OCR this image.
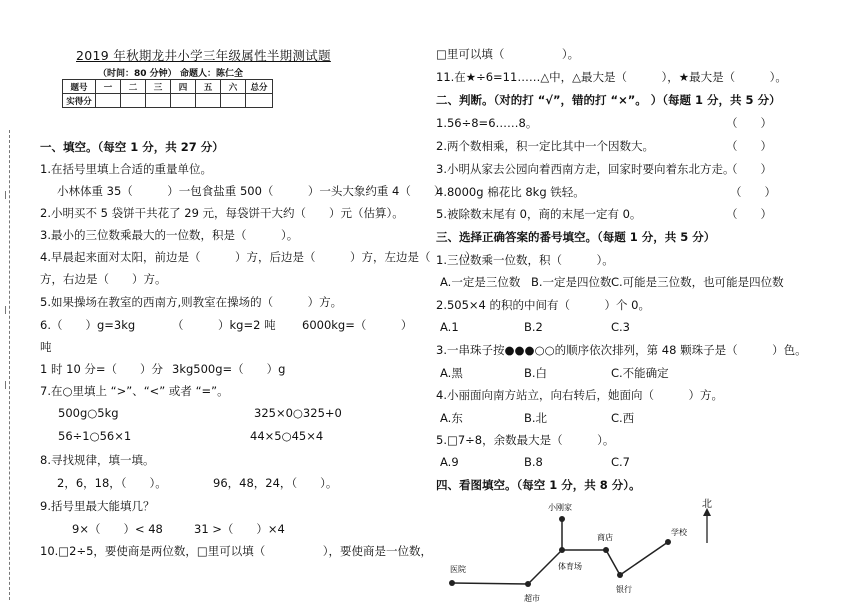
|
|
|
2019 年秋期龙井小学三年级属性半期测试题
（时间：80 分钟） 命题人：陈仁全
题号	一	二	三	四	五	六	总分
实得分							
一、填空。（每空 1 分，共 27 分）
1.在括号里填上合适的重量单位。
小林体重 35（　　　）一包食盐重 500（　　　）一头大象约重 4（　　）
2.小明买不 5 袋饼干共花了 29 元，每袋饼干大约（　　）元（估算）。
3.最小的三位数乘最大的一位数，积是（　　　）。
4.早晨起来面对太阳，前边是（　　　）方，后边是（　　　）方，左边是（　　　）
方，右边是（　　）方。
5.如果操场在教室的西南方,则教室在操场的（　　　）方。
6.（　　）g=3kg	（　　　）kg=2 吨 6000kg=（　　　）
吨
1 时 10 分=（　　）分 3kg500g=（　　）g
7.在○里填上 “>”、“<” 或者 “=”。
500g○5kg	325×0○325+0
56÷1○56×1	44×5○45×4
8.寻找规律，填一填。
2，6，18，（　　）。	96，48，24，（　　）。
9.括号里最大能填几？
9×（　　）< 48	31 >（　　）×4
10.□2÷5，要使商是两位数，□里可以填（　　　　　），要使商是一位数，
□里可以填（　　　　　）。
11.在★÷6=11……△中，△最大是（　　　），★最大是（　　　）。
二、判断。（对的打 “√”，错的打 “×”。 ）（每题 1 分，共 5 分）
1.56÷8=6……8。	（　　）
2.两个数相乘，积一定比其中一个因数大。	（　　）
3.小明从家去公园向着西南方走，回家时要向着东北方走。
（　　）
4.8000g 棉花比 8kg 铁轻。	（　　）
5.被除数末尾有 0，商的末尾一定有 0。	（　　）
三、选择正确答案的番号填空。（每题 1 分，共 5 分）
1.三位数乘一位数，积（　　　）。
A.一定是三位数 B.一定是四位数 C.可能是三位数，也可能是四位数
2.505×4 的积的中间有（　　　）个 0。
A.1	B.2	C.3
3.一串珠子按●●●○○的顺序依次排列，第 48 颗珠子是（　　　）色。
A.黑	B.白	C.不能确定
4.小丽面向南方站立，向右转后，她面向（　　　）方。
A.东	B.北	C.西
5.□7÷8，余数最大是（　　　）。
A.9	B.8	C.7
四、看图填空。（每空 1 分，共 8 分）。
北
小刚家
商店
学校
医院	体育场
银行
超市
